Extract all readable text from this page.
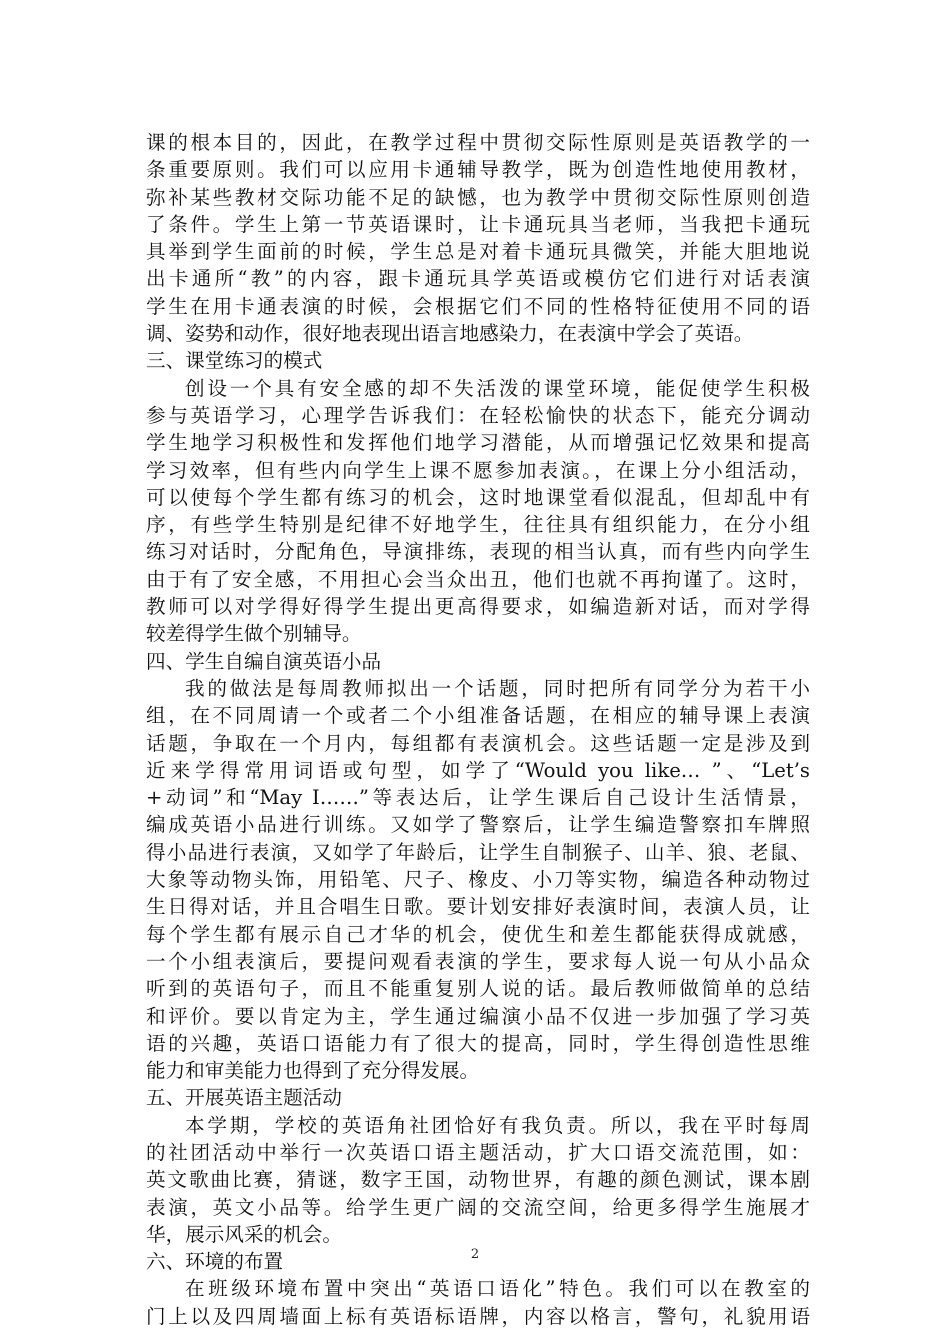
课的根本目的，因此，在教学过程中贯彻交际性原则是英语教学的一
条重要原则。我们可以应用卡通辅导教学，既为创造性地使用教材，
弥补某些教材交际功能不足的缺憾，也为教学中贯彻交际性原则创造
了条件。学生上第一节英语课时，让卡通玩具当老师，当我把卡通玩
具举到学生面前的时候，学生总是对着卡通玩具微笑，并能大胆地说
出卡通所“教”的内容，跟卡通玩具学英语或模仿它们进行对话表演
学生在用卡通表演的时候，会根据它们不同的性格特征使用不同的语
调、姿势和动作，很好地表现出语言地感染力，在表演中学会了英语。
三、课堂练习的模式
创设一个具有安全感的却不失活泼的课堂环境，能促使学生积极
参与英语学习，心理学告诉我们：在轻松愉快的状态下，能充分调动
学生地学习积极性和发挥他们地学习潜能，从而增强记忆效果和提高
学习效率，但有些内向学生上课不愿参加表演。，在课上分小组活动，
可以使每个学生都有练习的机会，这时地课堂看似混乱，但却乱中有
序，有些学生特别是纪律不好地学生，往往具有组织能力，在分小组
练习对话时，分配角色，导演排练，表现的相当认真，而有些内向学生
由于有了安全感，不用担心会当众出丑，他们也就不再拘谨了。这时，
教师可以对学得好得学生提出更高得要求，如编造新对话，而对学得
较差得学生做个别辅导。
四、学生自编自演英语小品
我的做法是每周教师拟出一个话题，同时把所有同学分为若干小
组，在不同周请一个或者二个小组准备话题，在相应的辅导课上表演
话题，争取在一个月内，每组都有表演机会。这些话题一定是涉及到
近来学得常用词语或句型，如学了“Would you like… ”、“Let’s
+动词”和“May I……”等表达后，让学生课后自己设计生活情景，
编成英语小品进行训练。又如学了警察后，让学生编造警察扣车牌照
得小品进行表演，又如学了年龄后，让学生自制猴子、山羊、狼、老鼠、
大象等动物头饰，用铅笔、尺子、橡皮、小刀等实物，编造各种动物过
生日得对话，并且合唱生日歌。要计划安排好表演时间，表演人员，让
每个学生都有展示自己才华的机会，使优生和差生都能获得成就感，
一个小组表演后，要提问观看表演的学生，要求每人说一句从小品众
听到的英语句子，而且不能重复别人说的话。最后教师做简单的总结
和评价。要以肯定为主，学生通过编演小品不仅进一步加强了学习英
语的兴趣，英语口语能力有了很大的提高，同时，学生得创造性思维
能力和审美能力也得到了充分得发展。
五、开展英语主题活动
本学期，学校的英语角社团恰好有我负责。所以，我在平时每周
的社团活动中举行一次英语口语主题活动，扩大口语交流范围，如：
英文歌曲比赛，猜谜，数字王国，动物世界，有趣的颜色测试，课本剧
表演，英文小品等。给学生更广阔的交流空间，给更多得学生施展才
华，展示风采的机会。
六、环境的布置
在班级环境布置中突出“英语口语化”特色。我们可以在教室的
门上以及四周墙面上标有英语标语牌，内容以格言，警句，礼貌用语
2
